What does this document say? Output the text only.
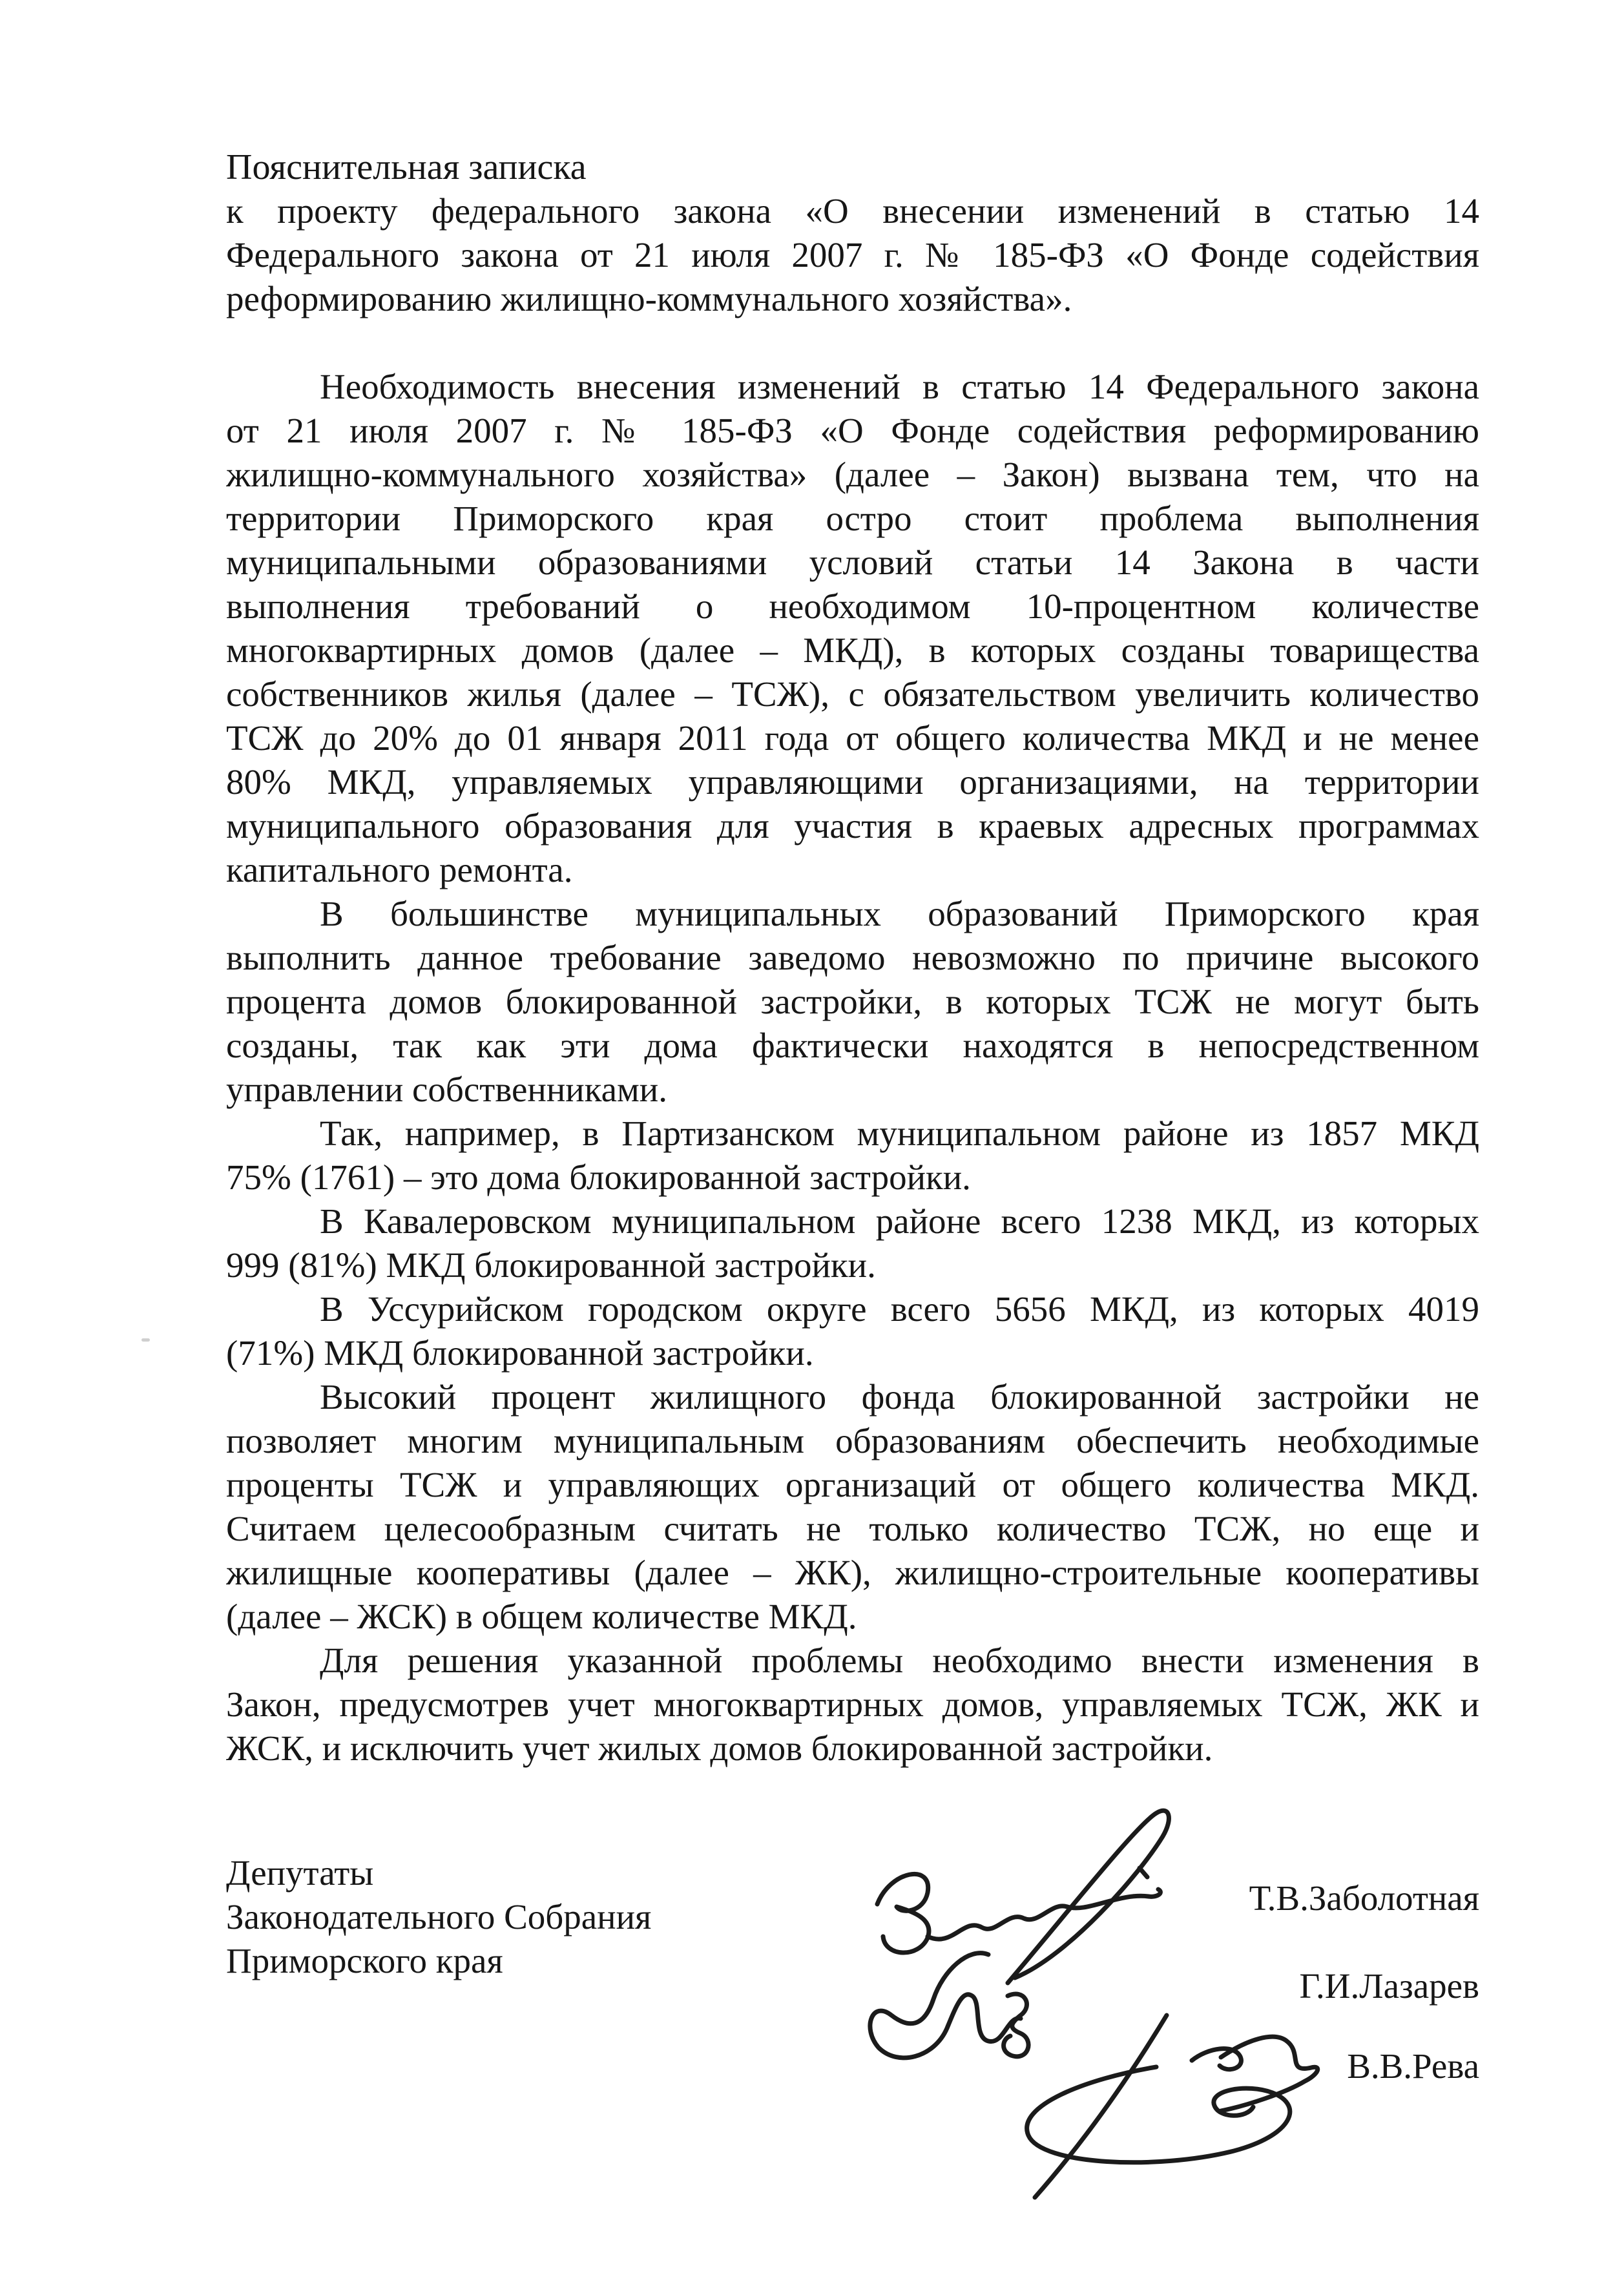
Пояснительная записка
к проекту федерального закона «О внесении изменений в статью 14
Федерального закона от 21 июля 2007 г. № 185-ФЗ «О Фонде содействия
реформированию жилищно-коммунального хозяйства».
Необходимость внесения изменений в статью 14 Федерального закона
от 21 июля 2007 г. № 185-ФЗ «О Фонде содействия реформированию
жилищно-коммунального хозяйства» (далее – Закон) вызвана тем, что на
территории Приморского края остро стоит проблема выполнения
муниципальными образованиями условий статьи 14 Закона в части
выполнения требований о необходимом 10-процентном количестве
многоквартирных домов (далее – МКД), в которых созданы товарищества
собственников жилья (далее – ТСЖ), с обязательством увеличить количество
ТСЖ до 20% до 01 января 2011 года от общего количества МКД и не менее
80% МКД, управляемых управляющими организациями, на территории
муниципального образования для участия в краевых адресных программах
капитального ремонта.
В большинстве муниципальных образований Приморского края
выполнить данное требование заведомо невозможно по причине высокого
процента домов блокированной застройки, в которых ТСЖ не могут быть
созданы, так как эти дома фактически находятся в непосредственном
управлении собственниками.
Так, например, в Партизанском муниципальном районе из 1857 МКД
75% (1761) – это дома блокированной застройки.
В Кавалеровском муниципальном районе всего 1238 МКД, из которых
999 (81%) МКД блокированной застройки.
В Уссурийском городском округе всего 5656 МКД, из которых 4019
(71%) МКД блокированной застройки.
Высокий процент жилищного фонда блокированной застройки не
позволяет многим муниципальным образованиям обеспечить необходимые
проценты ТСЖ и управляющих организаций от общего количества МКД.
Считаем целесообразным считать не только количество ТСЖ, но еще и
жилищные кооперативы (далее – ЖК), жилищно-строительные кооперативы
(далее – ЖСК) в общем количестве МКД.
Для решения указанной проблемы необходимо внести изменения в
Закон, предусмотрев учет многоквартирных домов, управляемых ТСЖ, ЖК и
ЖСК, и исключить учет жилых домов блокированной застройки.
Депутаты
Законодательного Собрания
Приморского края
Т.В.Заболотная
Г.И.Лазарев
В.В.Рева
